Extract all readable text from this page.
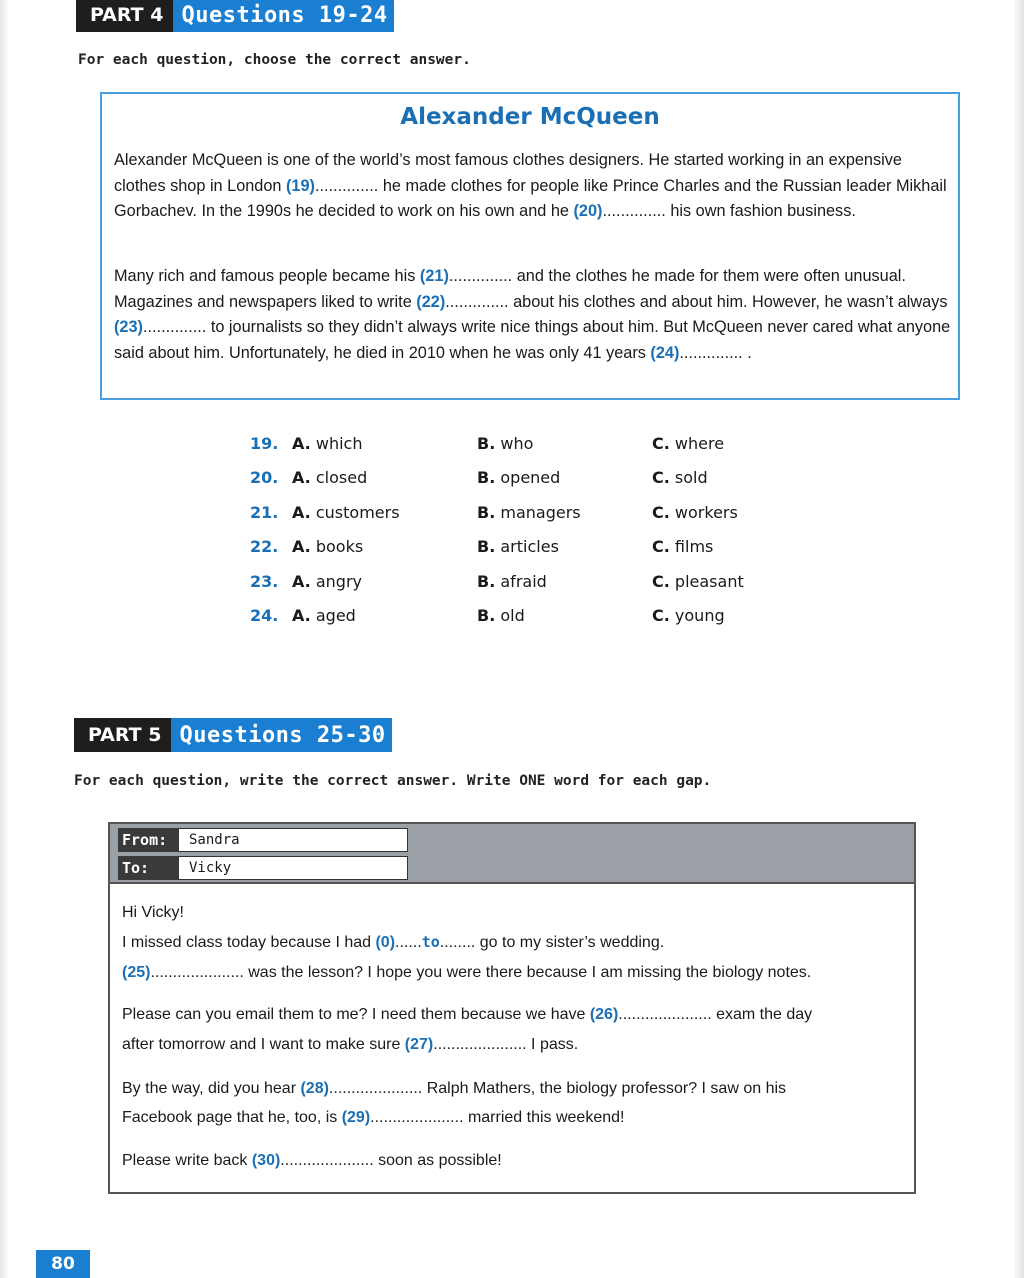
PART 4 Questions 19-24
For each question, choose the correct answer.
Alexander McQueen
Alexander McQueen is one of the world’s most famous clothes designers. He started working in an expensive clothes shop in London (19).............. he made clothes for people like Prince Charles and the Russian leader Mikhail Gorbachev. In the 1990s he decided to work on his own and he (20).............. his own fashion business.
Many rich and famous people became his (21).............. and the clothes he made for them were often unusual. Magazines and newspapers liked to write (22).............. about his clothes and about him. However, he wasn’t always (23).............. to journalists so they didn’t always write nice things about him. But McQueen never cared what anyone said about him. Unfortunately, he died in 2010 when he was only 41 years (24).............. .
19. A. which	B. who	C. where
20. A. closed	B. opened	C. sold
21. A. customers	B. managers	C. workers
22. A. books	B. articles	C. films
23. A. angry	B. afraid	C. pleasant
24. A. aged	B. old	C. young
PART 5 Questions 25-30
For each question, write the correct answer. Write ONE word for each gap.
From:	Sandra
To:	Vicky
Hi Vicky!
I missed class today because I had (0)......to........ go to my sister’s wedding.
(25)..................... was the lesson? I hope you were there because I am missing the biology notes.
Please can you email them to me? I need them because we have (26)..................... exam the day
after tomorrow and I want to make sure (27)..................... I pass.
By the way, did you hear (28)..................... Ralph Mathers, the biology professor? I saw on his
Facebook page that he, too, is (29)..................... married this weekend!
Please write back (30)..................... soon as possible!
80
